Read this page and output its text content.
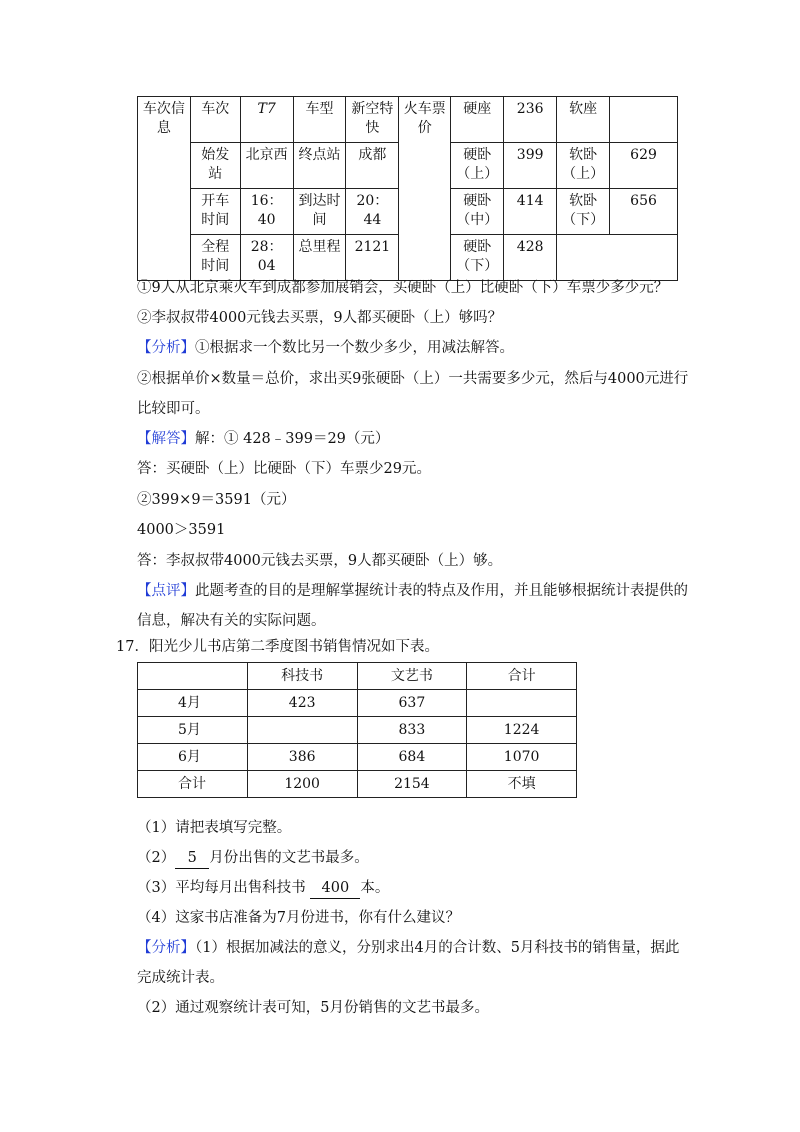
车次信息	车次	T7	车型	新空特快	火车票价	硬座	236	软座	
	始发站	北京西	终点站	成都		硬卧（上）	399	软卧（上）	629
	开车时间	16：40	到达时间	20：44		硬卧（中）	414	软卧（下）	656
	全程时间	28：04	总里程	2121		硬卧（下）	428		
①9人从北京乘火车到成都参加展销会，买硬卧（上）比硬卧（下）车票少多少元？
②李叔叔带4000元钱去买票，9人都买硬卧（上）够吗？
【分析】①根据求一个数比另一个数少多少，用减法解答。
②根据单价×数量＝总价，求出买9张硬卧（上）一共需要多少元，然后与4000元进行
比较即可。
【解答】解：① 428﹣399＝29（元）
答：买硬卧（上）比硬卧（下）车票少29元。
②399×9＝3591（元）
4000＞3591
答：李叔叔带4000元钱去买票，9人都买硬卧（上）够。
【点评】此题考查的目的是理解掌握统计表的特点及作用，并且能够根据统计表提供的
信息，解决有关的实际问题。
17．阳光少儿书店第二季度图书销售情况如下表。
	科技书	文艺书	合计
4月	423	637	
5月		833	1224
6月	386	684	1070
合计	1200	2154	不填
（1）请把表填写完整。
（2） 5 月份出售的文艺书最多。
（3）平均每月出售科技书 400 本。
（4）这家书店准备为7月份进书，你有什么建议？
【分析】（1）根据加减法的意义，分别求出4月的合计数、5月科技书的销售量，据此
完成统计表。
（2）通过观察统计表可知，5月份销售的文艺书最多。
